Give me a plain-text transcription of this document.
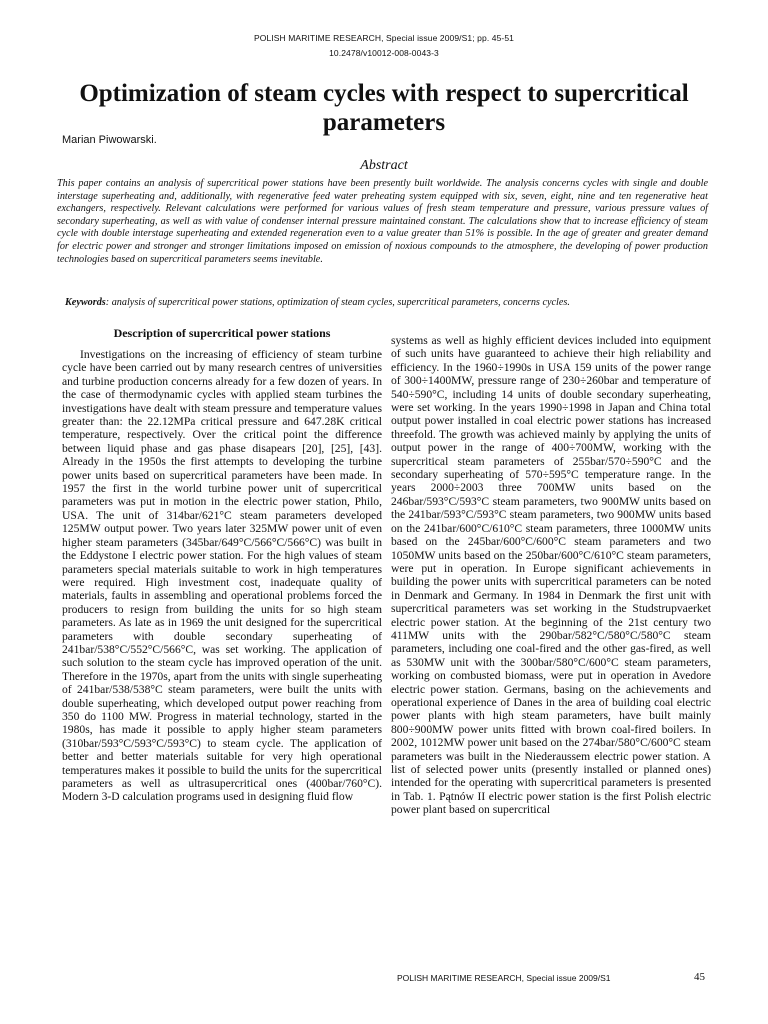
POLISH MARITIME RESEARCH, Special issue 2009/S1; pp. 45-51
10.2478/v10012-008-0043-3
Optimization of steam cycles with respect to supercritical parameters
Marian Piwowarski.
Abstract
This paper contains an analysis of supercritical power stations have been presently built worldwide. The analysis concerns cycles with single and double interstage superheating and, additionally, with regenerative feed water preheating system equipped with six, seven, eight, nine and ten regenerative heat exchangers, respectively. Relevant calculations were performed for various values of fresh steam temperature and pressure, various pressure values of secondary superheating, as well as with value of condenser internal pressure maintained constant. The calculations show that to increase efficiency of steam cycle with double interstage superheating and extended regeneration even to a value greater than 51% is possible. In the age of greater and greater demand for electric power and stronger and stronger limitations imposed on emission of noxious compounds to the atmosphere, the developing of power production technologies based on supercritical parameters seems inevitable.
Keywords: analysis of supercritical power stations, optimization of steam cycles, supercritical parameters, concerns cycles.
Description of supercritical power stations

Investigations on the increasing of efficiency of steam turbine cycle have been carried out by many research centres of universities and turbine production concerns already for a few dozen of years. In the case of thermodynamic cycles with applied steam turbines the investigations have dealt with steam pressure and temperature values greater than: the 22.12MPa critical pressure and 647.28K critical temperature, respectively. Over the critical point the difference between liquid phase and gas phase disapears [20], [25], [43]. Already in the 1950s the first attempts to developing the turbine power units based on supercritical parameters have been made. In 1957 the first in the world turbine power unit of supercritical parameters was put in motion in the electric power station, Philo, USA. The unit of 314bar/621°C steam parameters developed 125MW output power. Two years later 325MW power unit of even higher steam parameters (345bar/649°C/566°C/566°C) was built in the Eddystone I electric power station. For the high values of steam parameters special materials suitable to work in high temperatures were required. High investment cost, inadequate quality of materials, faults in assembling and operational problems forced the producers to resign from building the units for so high steam parameters. As late as in 1969 the unit designed for the supercritical parameters with double secondary superheating of 241bar/538°C/552°C/566°C, was set working. The application of such solution to the steam cycle has improved operation of the unit. Therefore in the 1970s, apart from the units with single superheating of 241bar/538/538°C steam parameters, were built the units with double superheating, which developed output power reaching from 350 do 1100 MW. Progress in material technology, started in the 1980s, has made it possible to apply higher steam parameters (310bar/593°C/593°C/593°C) to steam cycle. The application of better and better materials suitable for very high operational temperatures makes it possible to build the units for the supercritical parameters as well as ultrasupercritical ones (400bar/760°C). Modern 3-D calculation programs used in designing fluid flow

systems as well as highly efficient devices included into equipment of such units have guaranteed to achieve their high reliability and efficiency. In the 1960÷1990s in USA 159 units of the power range of 300÷1400MW, pressure range of 230÷260bar and temperature of 540÷590°C, including 14 units of double secondary superheating, were set working. In the years 1990÷1998 in Japan and China total output power installed in coal electric power stations has increased threefold. The growth was achieved mainly by applying the units of output power in the range of 400÷700MW, working with the supercritical steam parameters of 255bar/570÷590°C and the secondary superheating of 570÷595°C temperature range. In the years 2000÷2003 three 700MW units based on the 246bar/593°C/593°C steam parameters, two 900MW units based on the 241bar/593°C/593°C steam parameters, two 900MW units based on the 241bar/600°C/610°C steam parameters, three 1000MW units based on the 245bar/600°C/600°C steam parameters and two 1050MW units based on the 250bar/600°C/610°C steam parameters, were put in operation. In Europe significant achievements in building the power units with supercritical parameters can be noted in Denmark and Germany. In 1984 in Denmark the first unit with supercritical parameters was set working in the Studstrupvaerket electric power station. At the beginning of the 21st century two 411MW units with the 290bar/582°C/580°C/580°C steam parameters, including one coal-fired and the other gas-fired, as well as 530MW unit with the 300bar/580°C/600°C steam parameters, working on combusted biomass, were put in operation in Avedore electric power station. Germans, basing on the achievements and operational experience of Danes in the area of building coal electric power plants with high steam parameters, have built mainly 800÷900MW power units fitted with brown coal-fired boilers. In 2002, 1012MW power unit based on the 274bar/580°C/600°C steam parameters was built in the Niederaussem electric power station. A list of selected power units (presently installed or planned ones) intended for the operating with supercritical parameters is presented in Tab. 1. Pątnów II electric power station is the first Polish electric power plant based on supercritical

POLISH MARITIME RESEARCH, Special issue 2009/S1	45
